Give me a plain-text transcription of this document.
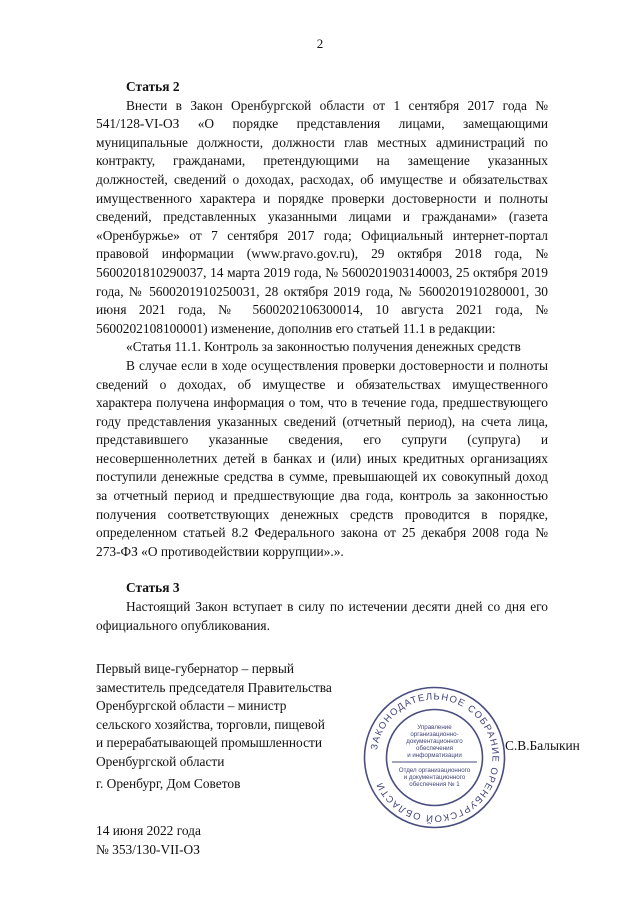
2
Статья 2

Внести в Закон Оренбургской области от 1 сентября 2017 года № 541/128-VI-ОЗ «О порядке представления лицами, замещающими муниципальные должности, должности глав местных администраций по контракту, гражданами, претендующими на замещение указанных должностей, сведений о доходах, расходах, об имуществе и обязательствах имущественного характера и порядке проверки достоверности и полноты сведений, представленных указанными лицами и гражданами» (газета «Оренбуржье» от 7 сентября 2017 года; Официальный интернет-портал правовой информации (www.pravo.gov.ru), 29 октября 2018 года, № 5600201810290037, 14 марта 2019 года, № 5600201903140003, 25 октября 2019 года, № 5600201910250031, 28 октября 2019 года, № 5600201910280001, 30 июня 2021 года, № 5600202106300014, 10 августа 2021 года, № 5600202108100001) изменение, дополнив его статьей 11.1 в редакции:

«Статья 11.1. Контроль за законностью получения денежных средств

В случае если в ходе осуществления проверки достоверности и полноты сведений о доходах, об имуществе и обязательствах имущественного характера получена информация о том, что в течение года, предшествующего году представления указанных сведений (отчетный период), на счета лица, представившего указанные сведения, его супруги (супруга) и несовершеннолетних детей в банках и (или) иных кредитных организациях поступили денежные средства в сумме, превышающей их совокупный доход за отчетный период и предшествующие два года, контроль за законностью получения соответствующих денежных средств проводится в порядке, определенном статьей 8.2 Федерального закона от 25 декабря 2008 года № 273-ФЗ «О противодействии коррупции».».

Статья 3

Настоящий Закон вступает в силу по истечении десяти дней со дня его официального опубликования.

Первый вице-губернатор – первый
заместитель председателя Правительства
Оренбургской области – министр
сельского хозяйства, торговли, пищевой
и перерабатывающей промышленности
Оренбургской области
С.В.Балыкин
г. Оренбург, Дом Советов
14 июня 2022 года
№ 353/130-VII-ОЗ
ЗАКОНОДАТЕЛЬНОЕ СОБРАНИЕ ОРЕНБУРГСКОЙ ОБЛАСТИ
Управление
организационно-
документационного
обеспечения
и информатизации
Отдел организационного
и документационного
обеспечения № 1
